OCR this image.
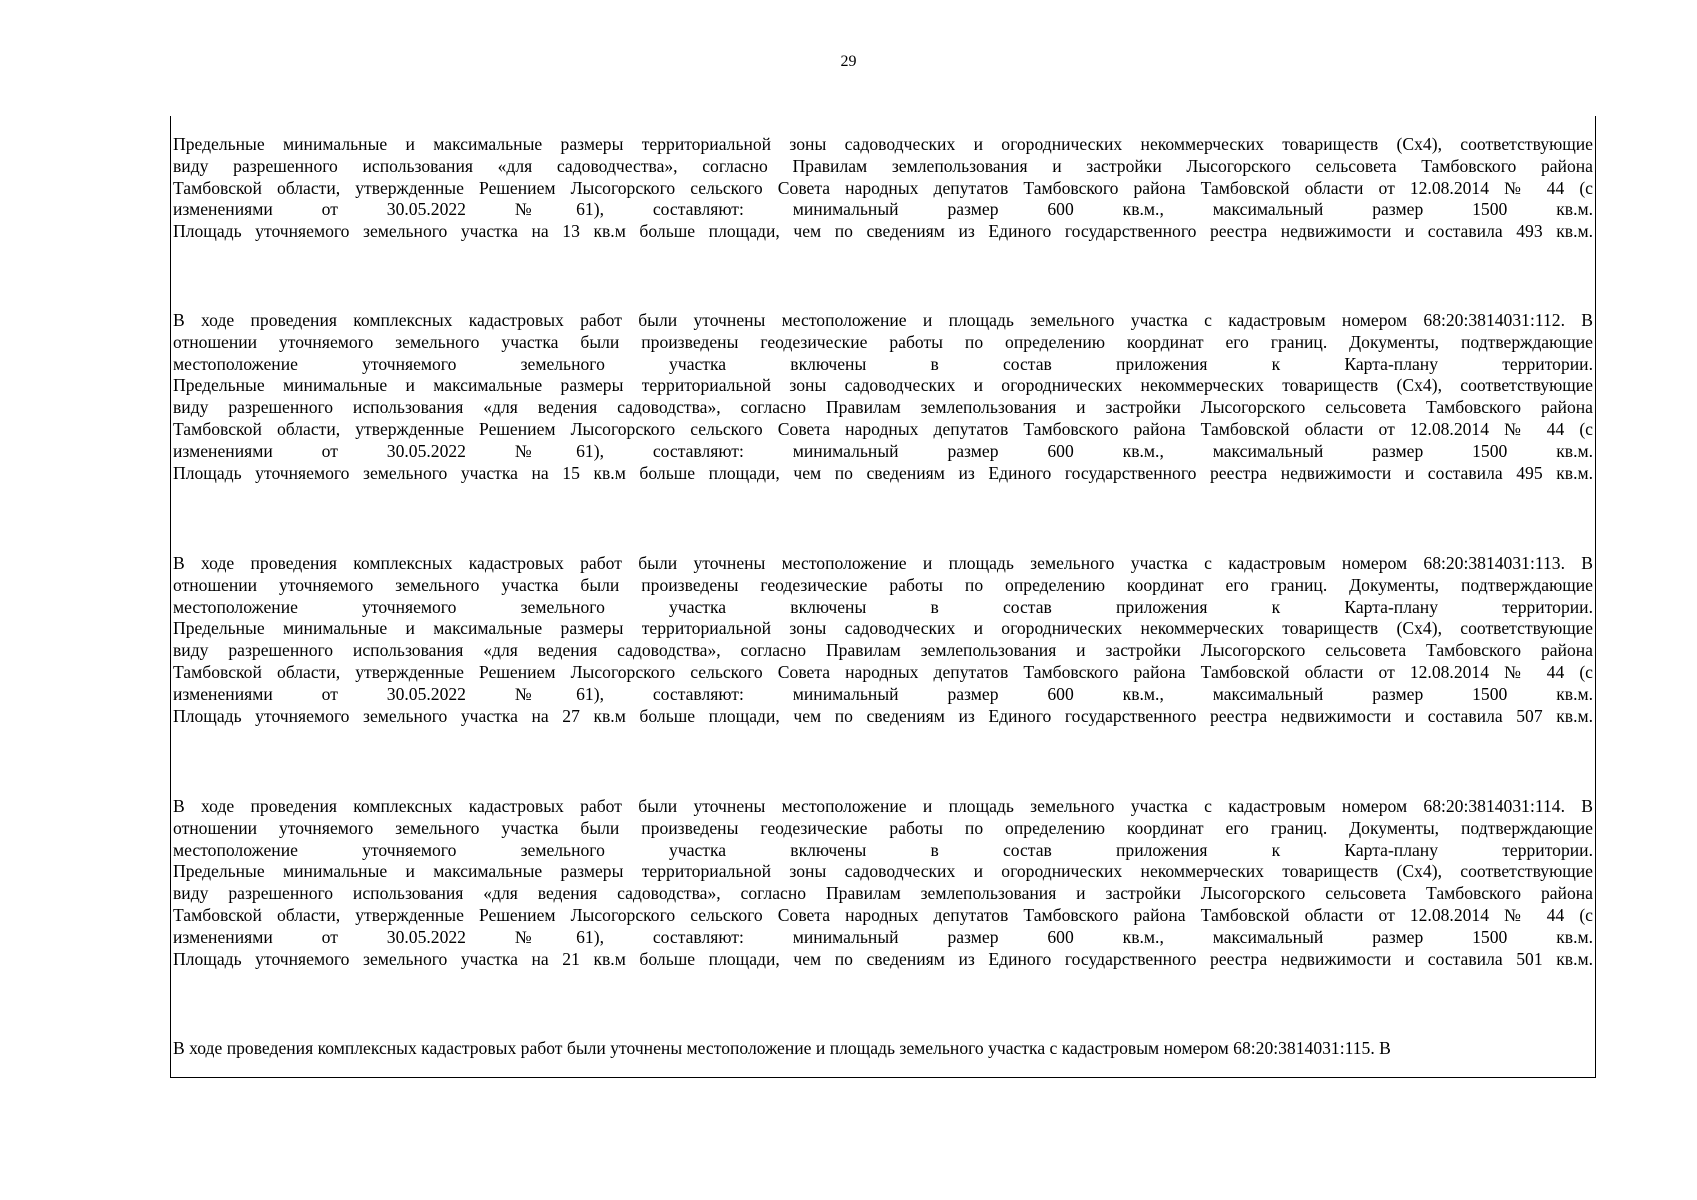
29
Предельные минимальные и максимальные размеры территориальной зоны садоводческих и огороднических некоммерческих товариществ (Сх4), соответствующие
виду разрешенного использования «для садоводчества», согласно Правилам землепользования и застройки Лысогорского сельсовета Тамбовского района
Тамбовской области, утвержденные Решением Лысогорского сельского Совета народных депутатов Тамбовского района Тамбовской области от 12.08.2014 № 44 (с
изменениями от 30.05.2022 №61), составляют: минимальный размер 600 кв.м., максимальный размер 1500 кв.м.
Площадь уточняемого земельного участка на 13 кв.м больше площади, чем по сведениям из Единого государственного реестра недвижимости и составила 493 кв.м.
В ходе проведения комплексных кадастровых работ были уточнены местоположение и площадь земельного участка с кадастровым номером 68:20:3814031:112. В
отношении уточняемого земельного участка были произведены геодезические работы по определению координат его границ. Документы, подтверждающие
местоположение уточняемого земельного участка включены в состав приложения к Карта-плану территории.
Предельные минимальные и максимальные размеры территориальной зоны садоводческих и огороднических некоммерческих товариществ (Сх4), соответствующие
виду разрешенного использования «для ведения садоводства», согласно Правилам землепользования и застройки Лысогорского сельсовета Тамбовского района
Тамбовской области, утвержденные Решением Лысогорского сельского Совета народных депутатов Тамбовского района Тамбовской области от 12.08.2014 № 44 (с
изменениями от 30.05.2022 №61), составляют: минимальный размер 600 кв.м., максимальный размер 1500 кв.м.
Площадь уточняемого земельного участка на 15 кв.м больше площади, чем по сведениям из Единого государственного реестра недвижимости и составила 495 кв.м.
В ходе проведения комплексных кадастровых работ были уточнены местоположение и площадь земельного участка с кадастровым номером 68:20:3814031:113. В
отношении уточняемого земельного участка были произведены геодезические работы по определению координат его границ. Документы, подтверждающие
местоположение уточняемого земельного участка включены в состав приложения к Карта-плану территории.
Предельные минимальные и максимальные размеры территориальной зоны садоводческих и огороднических некоммерческих товариществ (Сх4), соответствующие
виду разрешенного использования «для ведения садоводства», согласно Правилам землепользования и застройки Лысогорского сельсовета Тамбовского района
Тамбовской области, утвержденные Решением Лысогорского сельского Совета народных депутатов Тамбовского района Тамбовской области от 12.08.2014 № 44 (с
изменениями от 30.05.2022 №61), составляют: минимальный размер 600 кв.м., максимальный размер 1500 кв.м.
Площадь уточняемого земельного участка на 27 кв.м больше площади, чем по сведениям из Единого государственного реестра недвижимости и составила 507 кв.м.
В ходе проведения комплексных кадастровых работ были уточнены местоположение и площадь земельного участка с кадастровым номером 68:20:3814031:114. В
отношении уточняемого земельного участка были произведены геодезические работы по определению координат его границ. Документы, подтверждающие
местоположение уточняемого земельного участка включены в состав приложения к Карта-плану территории.
Предельные минимальные и максимальные размеры территориальной зоны садоводческих и огороднических некоммерческих товариществ (Сх4), соответствующие
виду разрешенного использования «для ведения садоводства», согласно Правилам землепользования и застройки Лысогорского сельсовета Тамбовского района
Тамбовской области, утвержденные Решением Лысогорского сельского Совета народных депутатов Тамбовского района Тамбовской области от 12.08.2014 № 44 (с
изменениями от 30.05.2022 №61), составляют: минимальный размер 600 кв.м., максимальный размер 1500 кв.м.
Площадь уточняемого земельного участка на 21 кв.м больше площади, чем по сведениям из Единого государственного реестра недвижимости и составила 501 кв.м.
В ходе проведения комплексных кадастровых работ были уточнены местоположение и площадь земельного участка с кадастровым номером 68:20:3814031:115. В
